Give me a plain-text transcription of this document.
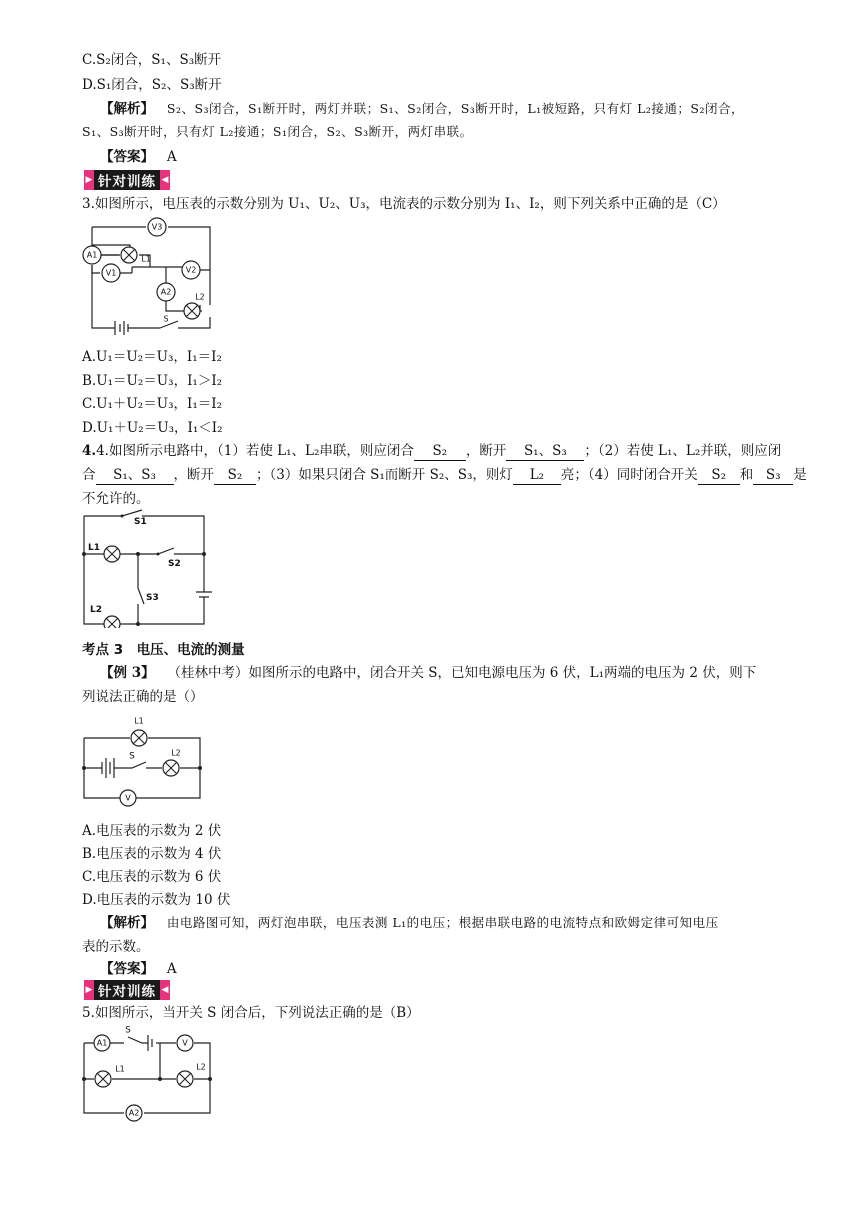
C.S₂闭合，S₁、S₃断开
D.S₁闭合，S₂、S₃断开
【解析】 S₂、S₃闭合，S₁断开时，两灯并联；S₁、S₂闭合，S₃断开时，L₁被短路，只有灯 L₂接通；S₂闭合，
S₁、S₃断开时，只有灯 L₂接通；S₁闭合，S₂、S₃断开，两灯串联。
【答案】 A
▶ 针对训练 ◀
3.如图所示，电压表的示数分别为 U₁、U₂、U₃，电流表的示数分别为 I₁、I₂，则下列关系中正确的是（C）
V3
A1
V1	V2
A2
L1
L2
S
A.U₁＝U₂＝U₃，I₁＝I₂
B.U₁＝U₂＝U₃，I₁＞I₂
C.U₁＋U₂＝U₃，I₁＝I₂
D.U₁＋U₂＝U₃，I₁＜I₂
4.4.如图所示电路中，（1）若使 L₁、L₂串联，则应闭合 S₂ ，断开 S₁、S₃ ；（2）若使 L₁、L₂并联，则应闭
合 S₁、S₃ ，断开 S₂ ；（3）如果只闭合 S₁而断开 S₂、S₃，则灯 L₂ 亮；（4）同时闭合开关 S₂ 和 S₃ 是
不允许的。
S1
S2
S3
L1
L2
考点 3　电压、电流的测量
【例 3】 （桂林中考）如图所示的电路中，闭合开关 S，已知电源电压为 6 伏，L₁两端的电压为 2 伏，则下
列说法正确的是（）
L1
L2
S
V
A.电压表的示数为 2 伏
B.电压表的示数为 4 伏
C.电压表的示数为 6 伏
D.电压表的示数为 10 伏
【解析】 由电路图可知，两灯泡串联，电压表测 L₁的电压；根据串联电路的电流特点和欧姆定律可知电压
表的示数。
【答案】 A
▶ 针对训练 ◀
5.如图所示，当开关 S 闭合后，下列说法正确的是（B）
A1
S
V
L1	L2
A2
